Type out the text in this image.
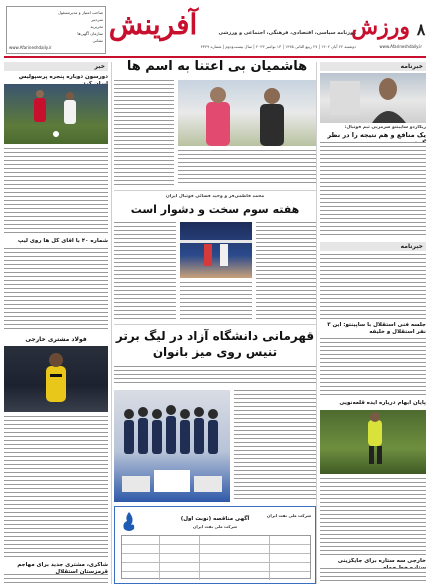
۸
ورزش
روزنامه سیاسی، اقتصادی، فرهنگی، اجتماعی و ورزشی
دوشنبه ۲۲ آبان ۱۴۰۲ | ۲۷ ربیع الثانی ۱۴۴۵ | ۱۳ نوامبر ۲۰۲۳ | سال بیست‌ودوم | شماره ۴۳۴۹	www.Afarineshdaily.ir
آفرینش
صاحب امتیاز و مدیرمسئول
سردبیر
تحریریه
سازمان آگهی‌ها
نشانی
www.Afarineshdaily.ir
هاشمیان بی اعتنا به اسم ها	خبرنامه
ریکاردو ساپینتو سرمربی تیم فوتبال:
یک منافع و هم نتیجه را در نظر گرفتیم
خبرنامه
جلسه فنی استقلال با ساپینتو: این ۳ نفر استقلال و خلیفه
پایان ابهام درباره ایده قلعه‌نویی
خارجی سه ستاره برای جایگزینی ستاره خط حمله
خبر
دورسون دوباره پنجره پرسپولیس
شماره ۴۰ با آقای گل ها روی لیپ
فولاد مشتری خارجی
شاکری، مشتری جدید برای مهاجم‌ قرمز‌ستان استقلال
محمد فاطمی‌فر و وحید فسائی فوتبال ایران
هفته سوم سخت و دشوار است
قهرمانی دانشگاه آزاد در لیگ برتر تنیس روی میز بانوان
شرکت ملی نفت ایران
آگهی مناقصه (نوبت اول)
شرکت ملی نفت ایران
